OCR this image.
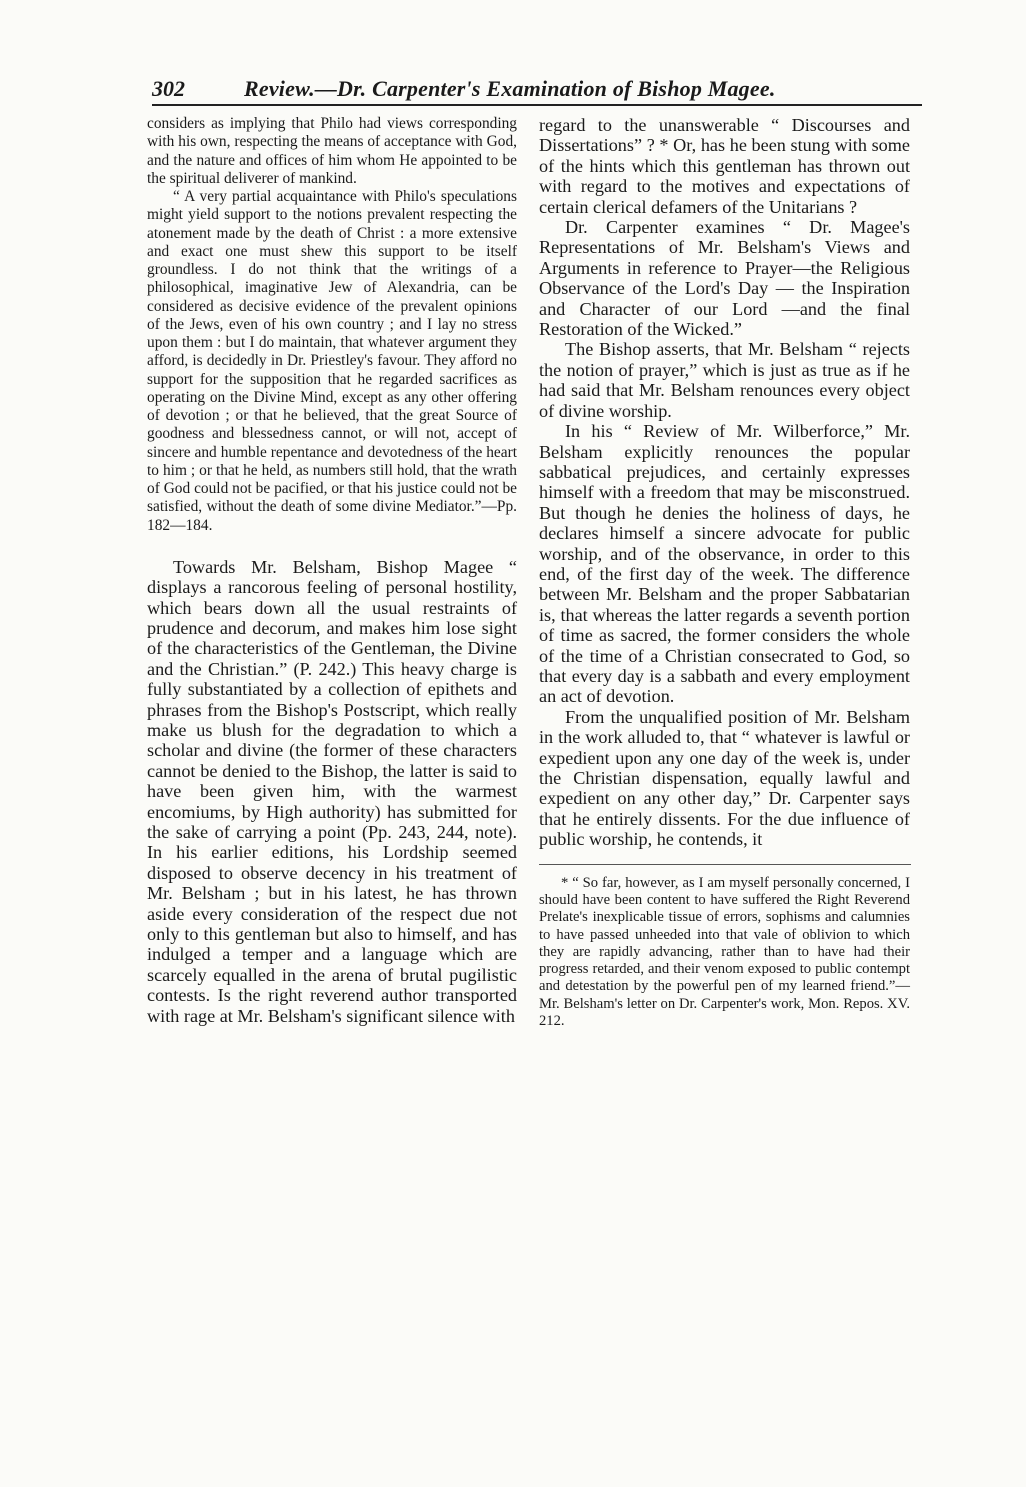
302	Review.—Dr. Carpenter's Examination of Bishop Magee.

considers as implying that Philo had views corresponding with his own, respecting the means of acceptance with God, and the nature and offices of him whom He appointed to be the spiritual deliverer of mankind.

“ A very partial acquaintance with Philo's speculations might yield support to the notions prevalent respecting the atonement made by the death of Christ : a more extensive and exact one must shew this support to be itself groundless. I do not think that the writings of a philosophical, imaginative Jew of Alexandria, can be considered as decisive evidence of the prevalent opinions of the Jews, even of his own country ; and I lay no stress upon them : but I do maintain, that whatever argument they afford, is decidedly in Dr. Priestley's favour. They afford no support for the supposition that he regarded sacrifices as operating on the Divine Mind, except as any other offering of devotion ; or that he believed, that the great Source of goodness and blessedness cannot, or will not, accept of sincere and humble repentance and devotedness of the heart to him ; or that he held, as numbers still hold, that the wrath of God could not be pacified, or that his justice could not be satisfied, without the death of some divine Mediator.”—Pp. 182—184.

Towards Mr. Belsham, Bishop Magee “ displays a rancorous feeling of personal hostility, which bears down all the usual restraints of prudence and decorum, and makes him lose sight of the characteristics of the Gentleman, the Divine and the Christian.” (P. 242.) This heavy charge is fully substantiated by a collection of epithets and phrases from the Bishop's Postscript, which really make us blush for the degradation to which a scholar and divine (the former of these characters cannot be denied to the Bishop, the latter is said to have been given him, with the warmest encomiums, by High authority) has submitted for the sake of carrying a point (Pp. 243, 244, note). In his earlier editions, his Lordship seemed disposed to observe decency in his treatment of Mr. Belsham ; but in his latest, he has thrown aside every consideration of the respect due not only to this gentleman but also to himself, and has indulged a temper and a language which are scarcely equalled in the arena of brutal pugilistic contests. Is the right reverend author transported with rage at Mr. Belsham's significant silence with

regard to the unanswerable “ Discourses and Dissertations” ? * Or, has he been stung with some of the hints which this gentleman has thrown out with regard to the motives and expectations of certain clerical defamers of the Unitarians ?

Dr. Carpenter examines “ Dr. Magee's Representations of Mr. Belsham's Views and Arguments in reference to Prayer—the Religious Observance of the Lord's Day — the Inspiration and Character of our Lord —and the final Restoration of the Wicked.”

The Bishop asserts, that Mr. Belsham “ rejects the notion of prayer,” which is just as true as if he had said that Mr. Belsham renounces every object of divine worship.

In his “ Review of Mr. Wilberforce,” Mr. Belsham explicitly renounces the popular sabbatical prejudices, and certainly expresses himself with a freedom that may be misconstrued. But though he denies the holiness of days, he declares himself a sincere advocate for public worship, and of the observance, in order to this end, of the first day of the week. The difference between Mr. Belsham and the proper Sabbatarian is, that whereas the latter regards a seventh portion of time as sacred, the former considers the whole of the time of a Christian consecrated to God, so that every day is a sabbath and every employment an act of devotion.

From the unqualified position of Mr. Belsham in the work alluded to, that “ whatever is lawful or expedient upon any one day of the week is, under the Christian dispensation, equally lawful and expedient on any other day,” Dr. Carpenter says that he entirely dissents. For the due influence of public worship, he contends, it

* “ So far, however, as I am myself personally concerned, I should have been content to have suffered the Right Reverend Prelate's inexplicable tissue of errors, sophisms and calumnies to have passed unheeded into that vale of oblivion to which they are rapidly advancing, rather than to have had their progress retarded, and their venom exposed to public contempt and detestation by the powerful pen of my learned friend.”—Mr. Belsham's letter on Dr. Carpenter's work, Mon. Repos. XV. 212.
